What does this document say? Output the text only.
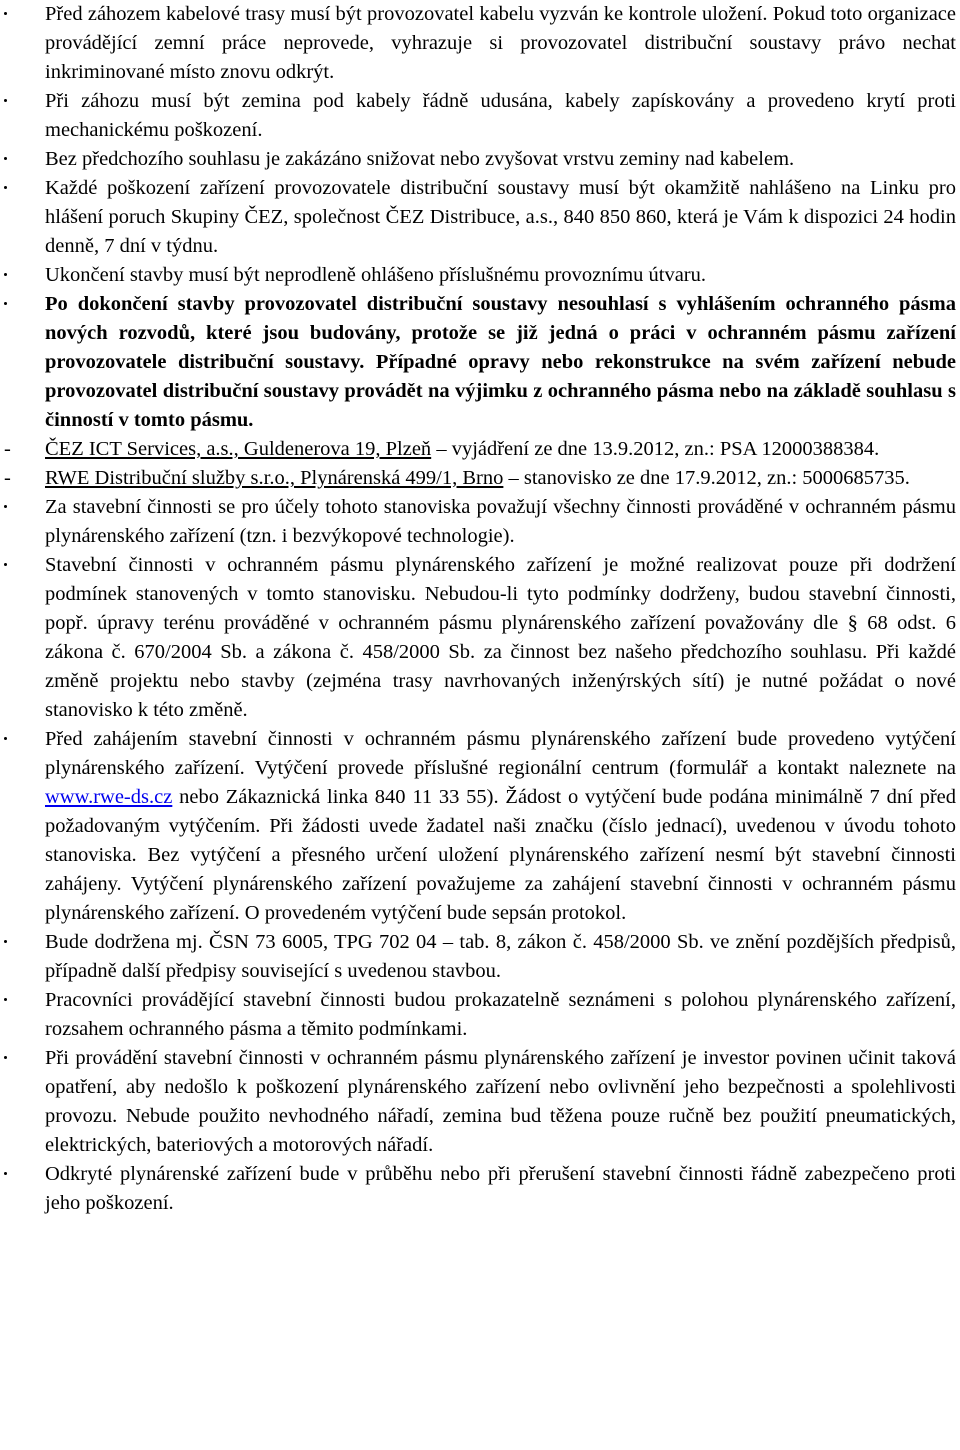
Před záhozem kabelové trasy musí být provozovatel kabelu vyzván ke kontrole uložení. Pokud toto organizace provádějící zemní práce neprovede, vyhrazuje si provozovatel distribuční soustavy právo nechat inkriminované místo znovu odkrýt.

Při záhozu musí být zemina pod kabely řádně udusána, kabely zapískovány a provedeno krytí proti mechanickému poškození.

Bez předchozího souhlasu je zakázáno snižovat nebo zvyšovat vrstvu zeminy nad kabelem.

Každé poškození zařízení provozovatele distribuční soustavy musí být okamžitě nahlášeno na Linku pro hlášení poruch Skupiny ČEZ, společnost ČEZ Distribuce, a.s., 840 850 860, která je Vám k dispozici 24 hodin denně, 7 dní v týdnu.

Ukončení stavby musí být neprodleně ohlášeno příslušnému provoznímu útvaru.

Po dokončení stavby provozovatel distribuční soustavy nesouhlasí s vyhlášením ochranného pásma nových rozvodů, které jsou budovány, protože se již jedná o práci v ochranném pásmu zařízení provozovatele distribuční soustavy. Případné opravy nebo rekonstrukce na svém zařízení nebude provozovatel distribuční soustavy provádět na výjimku z ochranného pásma nebo na základě souhlasu s činností v tomto pásmu.

-	ČEZ ICT Services, a.s., Guldenerova 19, Plzeň – vyjádření ze dne 13.9.2012, zn.: PSA 12000388384.

-	RWE Distribuční služby s.r.o., Plynárenská 499/1, Brno – stanovisko ze dne 17.9.2012, zn.: 5000685735.

Za stavební činnosti se pro účely tohoto stanoviska považují všechny činnosti prováděné v ochranném pásmu plynárenského zařízení (tzn. i bezvýkopové technologie).

Stavební činnosti v ochranném pásmu plynárenského zařízení je možné realizovat pouze při dodržení podmínek stanovených v tomto stanovisku. Nebudou-li tyto podmínky dodrženy, budou stavební činnosti, popř. úpravy terénu prováděné v ochranném pásmu plynárenského zařízení považovány dle § 68 odst. 6 zákona č. 670/2004 Sb. a zákona č. 458/2000 Sb. za činnost bez našeho předchozího souhlasu. Při každé změně projektu nebo stavby (zejména trasy navrhovaných inženýrských sítí) je nutné požádat o nové stanovisko k této změně.

Před zahájením stavební činnosti v ochranném pásmu plynárenského zařízení bude provedeno vytýčení plynárenského zařízení. Vytýčení provede příslušné regionální centrum (formulář a kontakt naleznete na www.rwe-ds.cz nebo Zákaznická linka 840 11 33 55). Žádost o vytýčení bude podána minimálně 7 dní před požadovaným vytýčením. Při žádosti uvede žadatel naši značku (číslo jednací), uvedenou v úvodu tohoto stanoviska. Bez vytýčení a přesného určení uložení plynárenského zařízení nesmí být stavební činnosti zahájeny. Vytýčení plynárenského zařízení považujeme za zahájení stavební činnosti v ochranném pásmu plynárenského zařízení. O provedeném vytýčení bude sepsán protokol.

Bude dodržena mj. ČSN 73 6005, TPG 702 04 – tab. 8, zákon č. 458/2000 Sb. ve znění pozdějších předpisů, případně další předpisy související s uvedenou stavbou.

Pracovníci provádějící stavební činnosti budou prokazatelně seznámeni s polohou plynárenského zařízení, rozsahem ochranného pásma a těmito podmínkami.

Při provádění stavební činnosti v ochranném pásmu plynárenského zařízení je investor povinen učinit taková opatření, aby nedošlo k poškození plynárenského zařízení nebo ovlivnění jeho bezpečnosti a spolehlivosti provozu. Nebude použito nevhodného nářadí, zemina bud těžena pouze ručně bez použití pneumatických, elektrických, bateriových a motorových nářadí.

Odkryté plynárenské zařízení bude v průběhu nebo při přerušení stavební činnosti řádně zabezpečeno proti jeho poškození.
